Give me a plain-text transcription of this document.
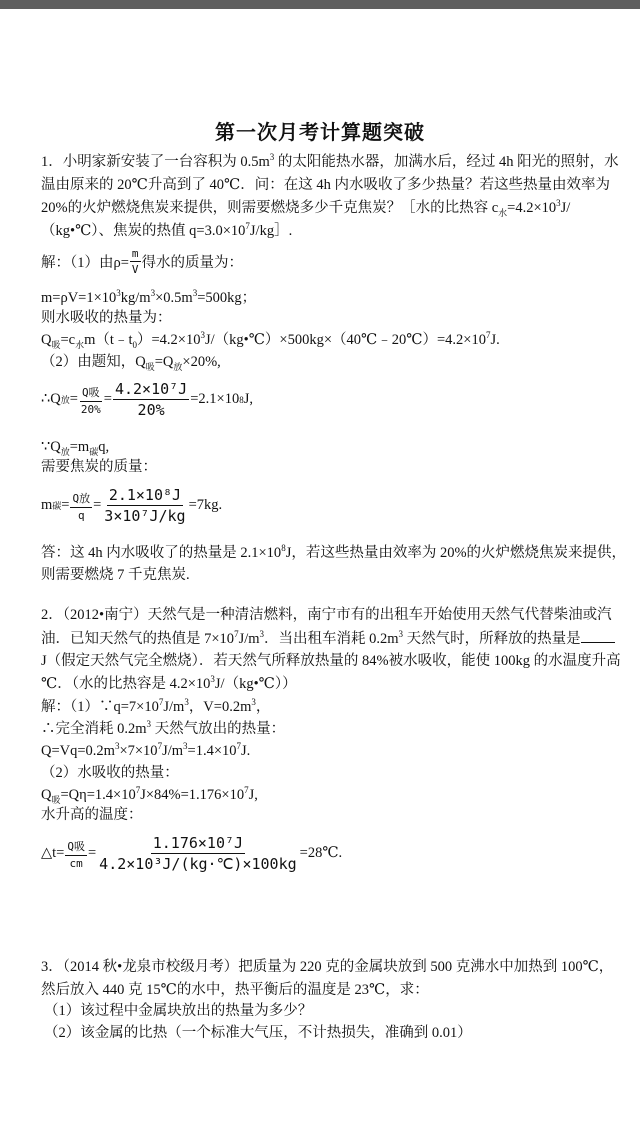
第一次月考计算题突破
1．小明家新安装了一台容积为 $0.5m^3$ 的太阳能热水器，加满水后，经过 4h 阳光的照射，水
温由原来的 20℃升高到了 40℃．问：在这 4h 内水吸收了多少热量？若这些热量由效率为
20%的火炉燃烧焦炭来提供，则需要燃烧多少千克焦炭？［水的比热容 $c_水=4.2\times 10^3J/$
（kg•℃）、焦炭的热值 $q=3.0\times 10^7J/kg]$.
解：（1）由$\rho= \frac{m}{V}$ 得水的质量为：
$m=\rho V=1\times 10^3kg/m^3\times 0.5m^3=500kg$；
则水吸收的热量为：
$Q_吸=c_水m(t﹣t_0)=4.2\times 10^3J/(kg•℃)\times 500kg\times(40℃﹣20℃)=4.2\times 10^7J$.
（2）由题知，$Q_吸=Q_放\times 20\%$,
∴Q 放 = $\frac{\text{Q吸}}{20\%} = \frac{\text{4.2×10⁷J}}{20\%} =2.1\times 10$ 8 J,
$\because Q_放=m_碳q$,
需要焦炭的质量：
m 碳 = $\frac{\text{Q放}}{q} = \frac{\text{2.1×10⁸J}}{\text{3×10⁷J/kg}} =7kg$.
答：这 4h 内水吸收了的热量是 $2.1\times 10^8J$，若这些热量由效率为 20%的火炉燃烧焦炭来提供，
则需要燃烧 7 千克焦炭.
2．（2012•南宁）天然气是一种清洁燃料，南宁市有的出租车开始使用天然气代替柴油或汽
油．已知天然气的热值是 $7\times 10^7J/m^3$．当出租车消耗 $0.2m^3$ 天然气时，所释放的热量是
J（假定天然气完全燃烧）．若天然气所释放热量的 84%被水吸收，能使 100kg 的水温度升高
℃．（水的比热容是 $4.2\times 10^3J/(kg•℃)$）
解：$(1)\because q=7\times 10^7J/m^3$，$V=0.2m^3$，
∴完全消耗 $0.2m^3$ 天然气放出的热量：
$Q=Vq=0.2m^3\times 7\times 10^7J/m^3=1.4\times 10^7J$.
（2）水吸收的热量：
$Q_吸=Q\eta=1.4\times 10^7J\times 84\%=1.176\times 10^7J$,
水升高的温度：
△t= $\frac{\text{Q吸}}{cm} = \frac{\text{1.176×10⁷J}}{\text{4.2×10³J/(kg·℃)×100kg}}$ =28℃.
3．（2014 秋•龙泉市校级月考）把质量为 220 克的金属块放到 500 克沸水中加热到 100℃，
然后放入 440 克 15℃的水中，热平衡后的温度是 23℃，求：
（1）该过程中金属块放出的热量为多少？
（2）该金属的比热（一个标准大气压，不计热损失，准确到 0.01）
